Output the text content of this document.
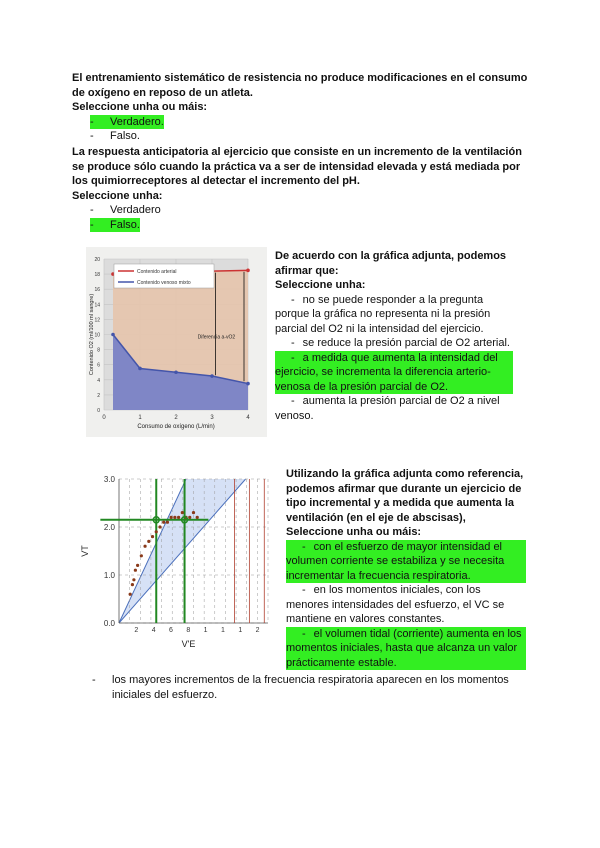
El entrenamiento sistemático de resistencia no produce modificaciones en el consumo de oxígeno en reposo de un atleta.
Seleccione unha ou máis:
-	Verdadero.
-	Falso.
La respuesta anticipatoria al ejercicio que consiste en un incremento de la ventilación se produce sólo cuando la práctica va a ser de intensidad elevada y está mediada por los quimiorreceptores al detectar el incremento del pH.
Seleccione unha:
-	Verdadero
-	Falso.
0
2
4
6
8
10
12
14
16
18
20
0	1	2	3	4
Contenido arterial
Contenido venoso mixto
Diferencia a-vO2
Consumo de oxígeno (L/min)
Contenido O2 (ml/100 ml sangre)
De acuerdo con la gráfica adjunta, podemos afirmar que:
Seleccione unha:
- no se puede responder a la pregunta porque la gráfica no representa ni la presión parcial del O2 ni la intensidad del ejercicio.
- se reduce la presión parcial de O2 arterial.
- a medida que aumenta la intensidad del ejercicio, se incrementa la diferencia arterio-venosa de la presión parcial de O2.
- aumenta la presión parcial de O2 a nivel venoso.
0.0
1.0
2.0
3.0
2 4 6 8 1 1 1 2
V'E
VT
Utilizando la gráfica adjunta como referencia, podemos afirmar que durante un ejercicio de tipo incremental y a medida que aumenta la ventilación (en el eje de abscisas),
Seleccione unha ou máis:
- con el esfuerzo de mayor intensidad el volumen corriente se estabiliza y se necesita incrementar la frecuencia respiratoria.
- en los momentos iniciales, con los menores intensidades del esfuerzo, el VC se mantiene en valores constantes.
- el volumen tidal (corriente) aumenta en los momentos iniciales, hasta que alcanza un valor prácticamente estable.
-	los mayores incrementos de la frecuencia respiratoria aparecen en los momentos iniciales del esfuerzo.
